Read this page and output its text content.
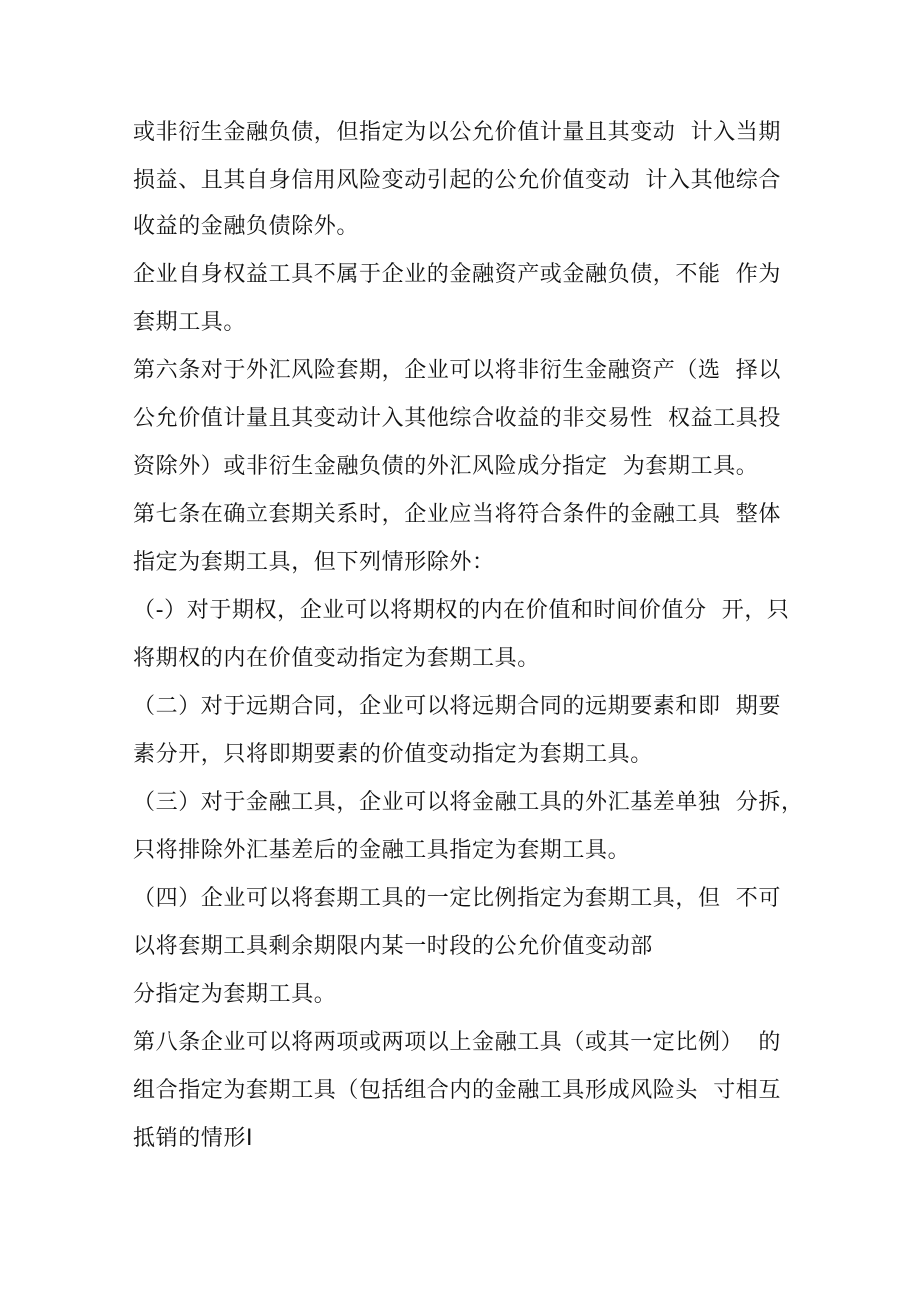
或非衍生金融负债，但指定为以公允价值计量且其变动  计入当期
损益、且其自身信用风险变动引起的公允价值变动  计入其他综合
收益的金融负债除外。
企业自身权益工具不属于企业的金融资产或金融负债，不能  作为
套期工具。
第六条对于外汇风险套期，企业可以将非衍生金融资产（选  择以
公允价值计量且其变动计入其他综合收益的非交易性  权益工具投
资除外）或非衍生金融负债的外汇风险成分指定  为套期工具。
第七条在确立套期关系时，企业应当将符合条件的金融工具  整体
指定为套期工具，但下列情形除外：
（-）对于期权，企业可以将期权的内在价值和时间价值分  开，只
将期权的内在价值变动指定为套期工具。
（二）对于远期合同，企业可以将远期合同的远期要素和即  期要
素分开，只将即期要素的价值变动指定为套期工具。
（三）对于金融工具，企业可以将金融工具的外汇基差单独  分拆，
只将排除外汇基差后的金融工具指定为套期工具。
（四）企业可以将套期工具的一定比例指定为套期工具，但  不可
以将套期工具剩余期限内某一时段的公允价值变动部
分指定为套期工具。
第八条企业可以将两项或两项以上金融工具（或其一定比例）  的
组合指定为套期工具（包括组合内的金融工具形成风险头  寸相互
抵销的情形I
